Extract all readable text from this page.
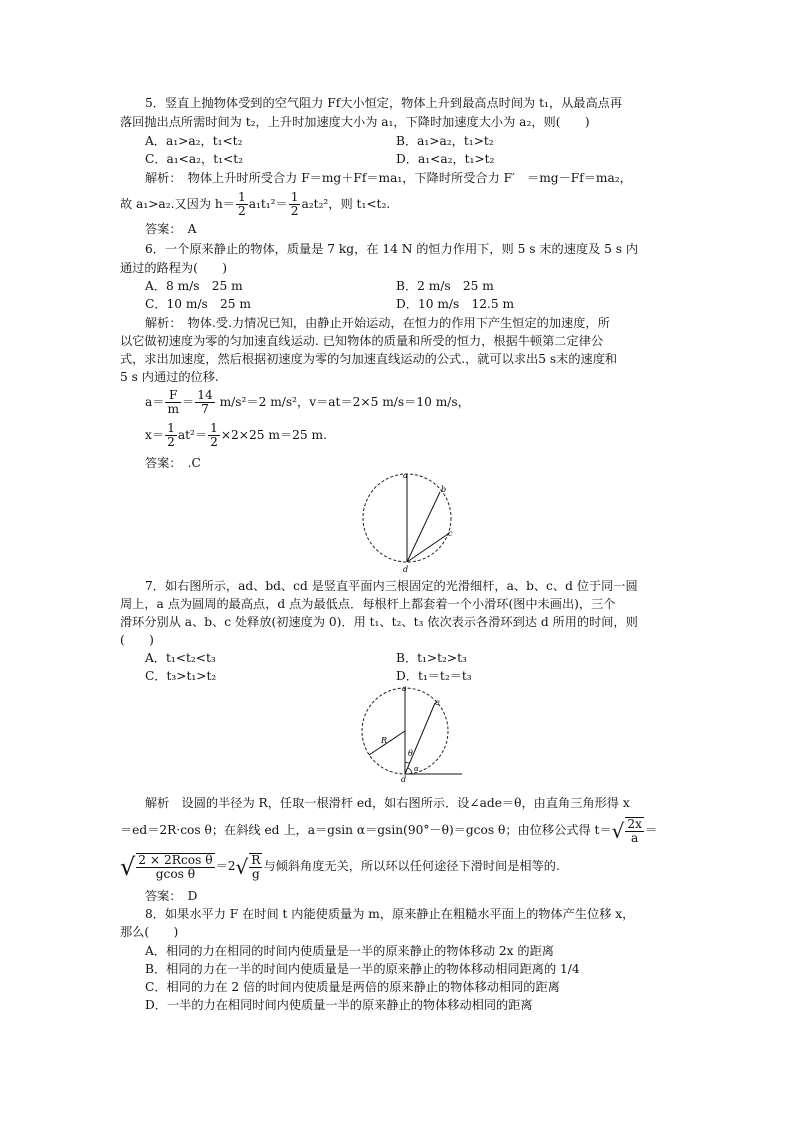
5．竖直上抛物体受到的空气阻力 Ff大小恒定，物体上升到最高点时间为 t₁，从最高点再
落回抛出点所需时间为 t₂，上升时加速度大小为 a₁，下降时加速度大小为 a₂，则(　　)
A．a₁>a₂，t₁<t₂	B．a₁>a₂，t₁>t₂
C．a₁<a₂，t₁<t₂	D．a₁<a₂，t₁>t₂
解析：　物体上升时所受合力 F＝mg＋Ff＝ma₁，下降时所受合力 F′　＝mg－Ff＝ma₂，
故 a₁>a₂.又因为 $h= \frac{1}{2} a_1t_1^2= \frac{1}{2} a_2t_2^2$，则 t₁<t₂.
答案：　A
6．一个原来静止的物体，质量是 7 kg，在 14 N 的恒力作用下，则 5 s 末的速度及 5 s 内
通过的路程为(　　)
A．8 m/s　25 m	B．2 m/s　25 m
C．10 m/s　25 m	D．10 m/s　12.5 m
解析：　物体.受.力情况已知，由静止开始运动，在恒力的作用下产生恒定的加速度，所
以它做初速度为零的匀加速直线运动. 已知物体的质量和所受的恒力，根据牛顿第二定律公
式，求出加速度，然后根据初速度为零的匀加速直线运动的公式.，就可以求出5 s末的速度和
5 s 内通过的位移.
$a= \frac{F}{m} = \frac{14}{7} m/s^2=2$ m/s²，v＝at＝2×5 m/s＝10 m/s，
$x= \frac{1}{2} at^2= \frac{1}{2} \times 2\times 25$ m＝25 m.
答案：　.C
a
b
c
d
7．如右图所示，ad、bd、cd 是竖直平面内三根固定的光滑细杆，a、b、c、d 位于同一圆
周上，a 点为圆周的最高点，d 点为最低点．每根杆上都套着一个小滑环(图中未画出)，三个
滑环分别从 a、b、c 处释放(初速度为 0)．用 t₁、t₂、t₃ 依次表示各滑环到达 d 所用的时间，则
(　　)
A．t₁<t₂<t₃	B．t₁>t₂>t₃
C．t₃>t₁>t₂	D．t₁＝t₂＝t₃
a
e
R
θ
α
d
解析　设圆的半径为 R，任取一根滑杆 ed，如右图所示．设∠ade＝θ，由直角三角形得 x
＝ed＝2R·cos θ；在斜线 ed 上，a＝gsin α＝gsin(90°－θ)＝gcos θ；由位移公式得 $t=√ \frac{2x}{a}$ ＝
√ $\frac{\text{2 × 2Rcos θ}}{\text{gcos θ}} =2√ \frac{R}{g}$ 与倾斜角度无关，所以环以任何途径下滑时间是相等的.
答案：　D
8．如果水平力 F 在时间 t 内能使质量为 m，原来静止在粗糙水平面上的物体产生位移 x，
那么(　　)
A．相同的力在相同的时间内使质量是一半的原来静止的物体移动 2x 的距离
B．相同的力在一半的时间内使质量是一半的原来静止的物体移动相同距离的 1/4
C．相同的力在 2 倍的时间内使质量是两倍的原来静止的物体移动相同的距离
D．一半的力在相同时间内使质量一半的原来静止的物体移动相同的距离
